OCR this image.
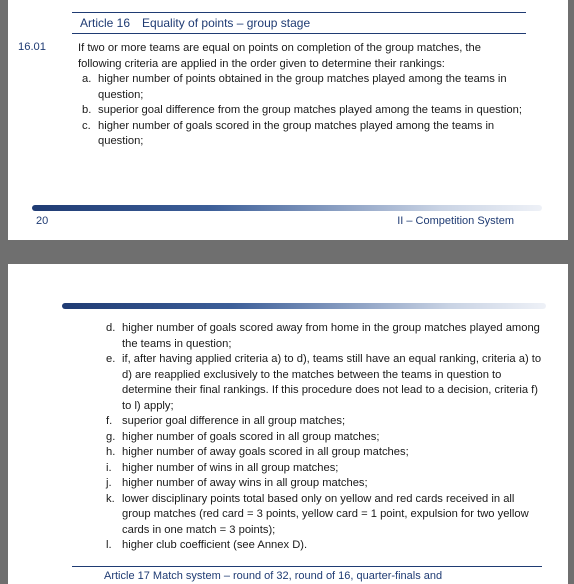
Article 16 Equality of points – group stage
16.01	If two or more teams are equal on points on completion of the group matches, the following criteria are applied in the order given to determine their rankings:
a. higher number of points obtained in the group matches played among the teams in question;
b. superior goal difference from the group matches played among the teams in question;
c. higher number of goals scored in the group matches played among the teams in question;
20	II – Competition System
d. higher number of goals scored away from home in the group matches played among the teams in question;
e. if, after having applied criteria a) to d), teams still have an equal ranking, criteria a) to d) are reapplied exclusively to the matches between the teams in question to determine their final rankings. If this procedure does not lead to a decision, criteria f) to l) apply;
f. superior goal difference in all group matches;
g. higher number of goals scored in all group matches;
h. higher number of away goals scored in all group matches;
i. higher number of wins in all group matches;
j. higher number of away wins in all group matches;
k. lower disciplinary points total based only on yellow and red cards received in all group matches (red card = 3 points, yellow card = 1 point, expulsion for two yellow cards in one match = 3 points);
l. higher club coefficient (see Annex D).
Article 17 Match system – round of 32, round of 16, quarter-finals and
